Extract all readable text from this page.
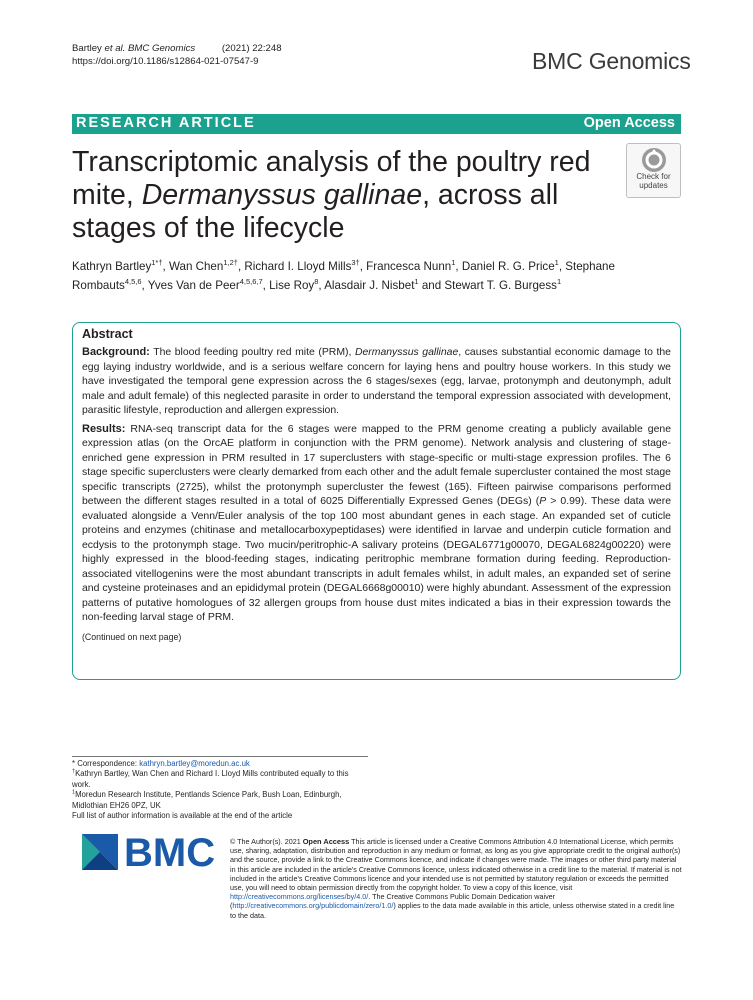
Bartley et al. BMC Genomics	(2021) 22:248
https://doi.org/10.1186/s12864-021-07547-9	BMC Genomics
RESEARCH ARTICLE	Open Access
Transcriptomic analysis of the poultry red mite, Dermanyssus gallinae, across all stages of the lifecycle
Check for
updates
Kathryn Bartley$^{1*\dagger}$, Wan Chen$^{1,2\dagger}$, Richard I. Lloyd Mills$^{3\dagger}$, Francesca Nunn$^1$, Daniel R. G. Price$^1$, Stephane Rombauts$^{4,5,6}$, Yves Van de Peer$^{4,5,6,7}$, Lise Roy$^8$, Alasdair J. Nisbet$^1$ and Stewart T. G. Burgess$^1$
Abstract

Background: The blood feeding poultry red mite (PRM), Dermanyssus gallinae, causes substantial economic damage to the egg laying industry worldwide, and is a serious welfare concern for laying hens and poultry house workers. In this study we have investigated the temporal gene expression across the 6 stages/sexes (egg, larvae, protonymph and deutonymph, adult male and adult female) of this neglected parasite in order to understand the temporal expression associated with development, parasitic lifestyle, reproduction and allergen expression.

Results: RNA-seq transcript data for the 6 stages were mapped to the PRM genome creating a publicly available gene expression atlas (on the OrcAE platform in conjunction with the PRM genome). Network analysis and clustering of stage-enriched gene expression in PRM resulted in 17 superclusters with stage-specific or multi-stage expression profiles. The 6 stage specific superclusters were clearly demarked from each other and the adult female supercluster contained the most stage specific transcripts (2725), whilst the protonymph supercluster the fewest (165). Fifteen pairwise comparisons performed between the different stages resulted in a total of 6025 Differentially Expressed Genes (DEGs) (P > 0.99). These data were evaluated alongside a Venn/Euler analysis of the top 100 most abundant genes in each stage. An expanded set of cuticle proteins and enzymes (chitinase and metallocarboxypeptidases) were identified in larvae and underpin cuticle formation and ecdysis to the protonymph stage. Two mucin/peritrophic-A salivary proteins (DEGAL6771g00070, DEGAL6824g00220) were highly expressed in the blood-feeding stages, indicating peritrophic membrane formation during feeding. Reproduction-associated vitellogenins were the most abundant transcripts in adult females whilst, in adult males, an expanded set of serine and cysteine proteinases and an epididymal protein (DEGAL6668g00010) were highly abundant. Assessment of the expression patterns of putative homologues of 32 allergen groups from house dust mites indicated a bias in their expression towards the non-feeding larval stage of PRM.

(Continued on next page)

* Correspondence: kathryn.bartley@moredun.ac.uk

†Kathryn Bartley, Wan Chen and Richard I. Lloyd Mills contributed equally to this work.

$^1$Moredun Research Institute, Pentlands Science Park, Bush Loan, Edinburgh, Midlothian EH26 0PZ, UK

Full list of author information is available at the end of the article

BMC © The Author(s). 2021 Open Access This article is licensed under a Creative Commons Attribution 4.0 International License, which permits use, sharing, adaptation, distribution and reproduction in any medium or format, as long as you give appropriate credit to the original author(s) and the source, provide a link to the Creative Commons licence, and indicate if changes were made. The images or other third party material in this article are included in the article's Creative Commons licence, unless indicated otherwise in a credit line to the material. If material is not included in the article's Creative Commons licence and your intended use is not permitted by statutory regulation or exceeds the permitted use, you will need to obtain permission directly from the copyright holder. To view a copy of this licence, visit http://creativecommons.org/licenses/by/4.0/. The Creative Commons Public Domain Dedication waiver (http://creativecommons.org/publicdomain/zero/1.0/) applies to the data made available in this article, unless otherwise stated in a credit line to the data.
